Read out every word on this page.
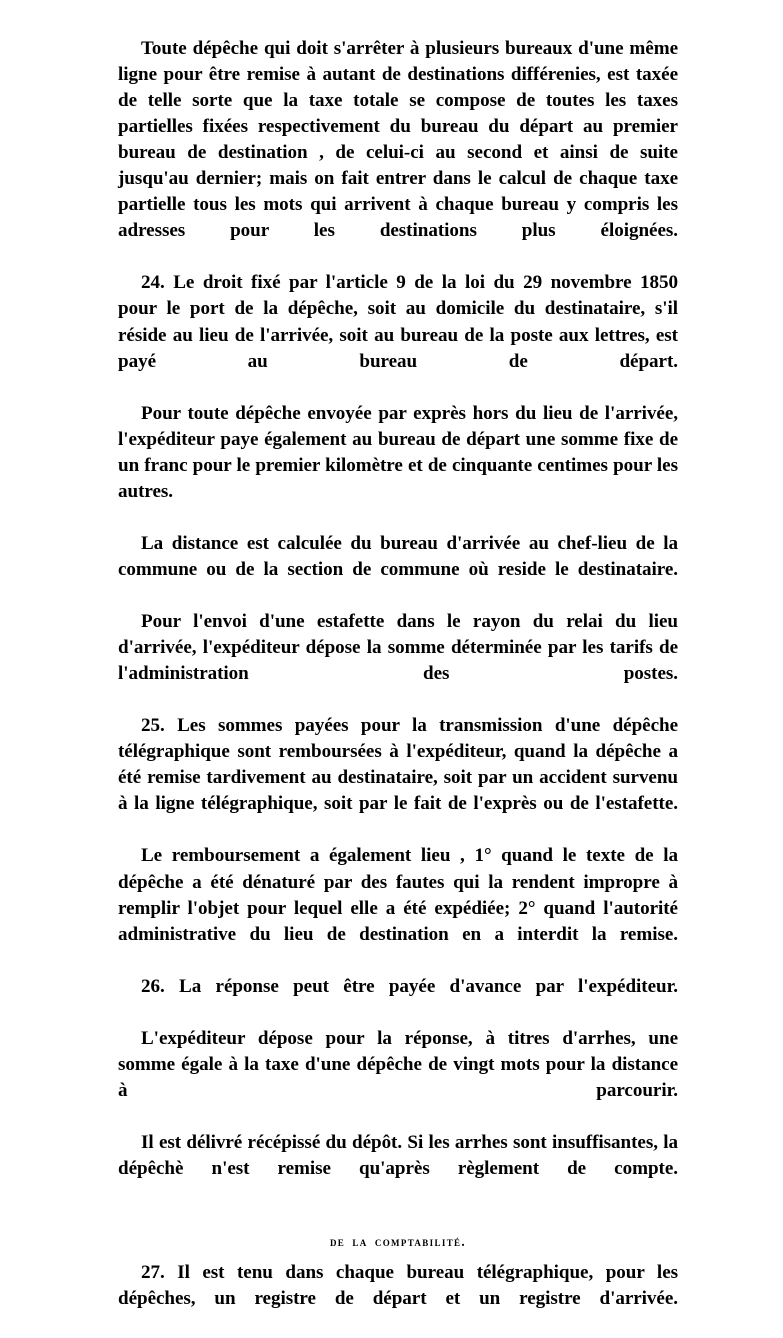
Toute dépêche qui doit s'arrêter à plusieurs bureaux d'une même ligne pour être remise à autant de destinations différenies, est taxée de telle sorte que la taxe totale se compose de toutes les taxes partielles fixées respectivement du bureau du départ au premier bureau de destination , de celui-ci au second et ainsi de suite jusqu'au dernier; mais on fait entrer dans le calcul de chaque taxe partielle tous les mots qui arrivent à chaque bureau y compris les adresses pour les destinations plus éloignées.

24. Le droit fixé par l'article 9 de la loi du 29 novembre 1850 pour le port de la dépêche, soit au domicile du destinataire, s'il réside au lieu de l'arrivée, soit au bureau de la poste aux lettres, est payé au bureau de départ.

Pour toute dépêche envoyée par exprès hors du lieu de l'arrivée, l'expéditeur paye également au bureau de départ une somme fixe de un franc pour le premier kilomètre et de cinquante centimes pour les autres.

La distance est calculée du bureau d'arrivée au chef-lieu de la commune ou de la section de commune où reside le destinataire.

Pour l'envoi d'une estafette dans le rayon du relai du lieu d'arrivée, l'expéditeur dépose la somme déterminée par les tarifs de l'administration des postes.

25. Les sommes payées pour la transmission d'une dépêche télégraphique sont remboursées à l'expéditeur, quand la dépêche a été remise tardivement au destinataire, soit par un accident survenu à la ligne télégraphique, soit par le fait de l'exprès ou de l'estafette.

Le remboursement a également lieu , 1° quand le texte de la dépêche a été dénaturé par des fautes qui la rendent impropre à remplir l'objet pour lequel elle a été expédiée; 2° quand l'autorité administrative du lieu de destination en a interdit la remise.

26. La réponse peut être payée d'avance par l'expéditeur.

L'expéditeur dépose pour la réponse, à titres d'arrhes, une somme égale à la taxe d'une dépêche de vingt mots pour la distance à parcourir.

Il est délivré récépissé du dépôt. Si les arrhes sont insuffisantes, la dépêchè n'est remise qu'après règlement de compte.

de la comptabilité.

27. Il est tenu dans chaque bureau télégraphique, pour les dépêches, un registre de départ et un registre d'arrivée.
